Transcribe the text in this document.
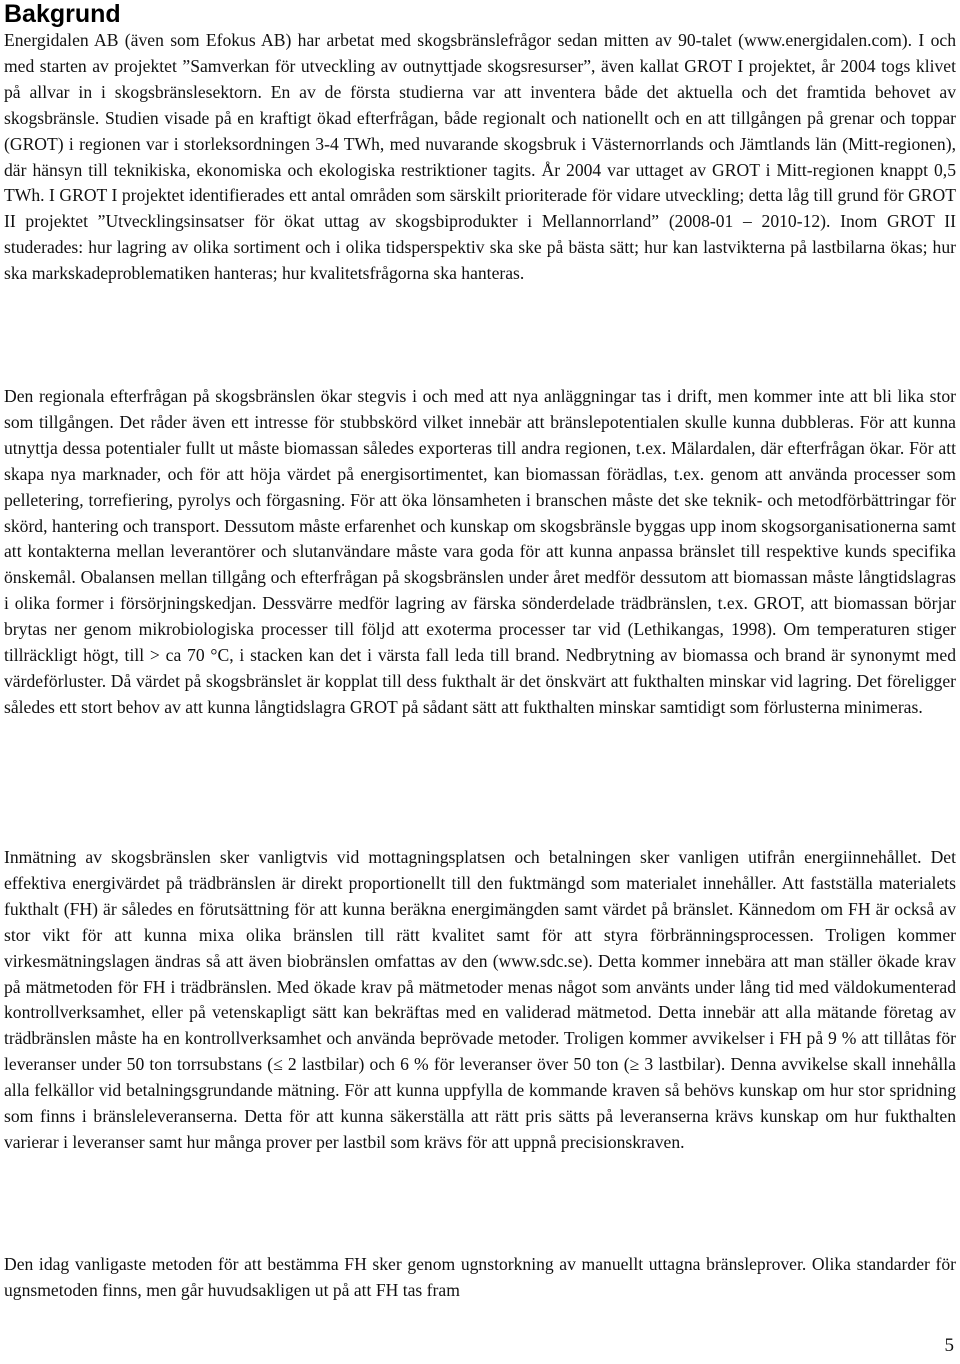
Bakgrund

Energidalen AB (även som Efokus AB) har arbetat med skogsbränslefrågor sedan mitten av 90-talet (www.energidalen.com). I och med starten av projektet ”Samverkan för utveckling av outnyttjade skogsresurser”, även kallat GROT I projektet, år 2004 togs klivet på allvar in i skogsbränslesektorn. En av de första studierna var att inventera både det aktuella och det framtida behovet av skogsbränsle. Studien visade på en kraftigt ökad efterfrågan, både regionalt och nationellt och en att tillgången på grenar och toppar (GROT) i regionen var i storleksordningen 3-4 TWh, med nuvarande skogsbruk i Västernorrlands och Jämtlands län (Mitt-regionen), där hänsyn till teknikiska, ekonomiska och ekologiska restriktioner tagits. År 2004 var uttaget av GROT i Mitt-regionen knappt 0,5 TWh. I GROT I projektet identifierades ett antal områden som särskilt prioriterade för vidare utveckling; detta låg till grund för GROT II projektet ”Utvecklingsinsatser för ökat uttag av skogsbiprodukter i Mellannorrland” (2008-01 – 2010-12). Inom GROT II studerades: hur lagring av olika sortiment och i olika tidsperspektiv ska ske på bästa sätt; hur kan lastvikterna på lastbilarna ökas; hur ska markskadeproblematiken hanteras; hur kvalitetsfrågorna ska hanteras.

Den regionala efterfrågan på skogsbränslen ökar stegvis i och med att nya anläggningar tas i drift, men kommer inte att bli lika stor som tillgången. Det råder även ett intresse för stubbskörd vilket innebär att bränslepotentialen skulle kunna dubbleras. För att kunna utnyttja dessa potentialer fullt ut måste biomassan således exporteras till andra regionen, t.ex. Mälardalen, där efterfrågan ökar. För att skapa nya marknader, och för att höja värdet på energisortimentet, kan biomassan förädlas, t.ex. genom att använda processer som pelletering, torrefiering, pyrolys och förgasning. För att öka lönsamheten i branschen måste det ske teknik- och metodförbättringar för skörd, hantering och transport. Dessutom måste erfarenhet och kunskap om skogsbränsle byggas upp inom skogsorganisationerna samt att kontakterna mellan leverantörer och slutanvändare måste vara goda för att kunna anpassa bränslet till respektive kunds specifika önskemål. Obalansen mellan tillgång och efterfrågan på skogsbränslen under året medför dessutom att biomassan måste långtidslagras i olika former i försörjningskedjan. Dessvärre medför lagring av färska sönderdelade trädbränslen, t.ex. GROT, att biomassan börjar brytas ner genom mikrobiologiska processer till följd att exoterma processer tar vid (Lethikangas, 1998). Om temperaturen stiger tillräckligt högt, till > ca 70 °C, i stacken kan det i värsta fall leda till brand. Nedbrytning av biomassa och brand är synonymt med värdeförluster. Då värdet på skogsbränslet är kopplat till dess fukthalt är det önskvärt att fukthalten minskar vid lagring. Det föreligger således ett stort behov av att kunna långtidslagra GROT på sådant sätt att fukthalten minskar samtidigt som förlusterna minimeras.

Inmätning av skogsbränslen sker vanligtvis vid mottagningsplatsen och betalningen sker vanligen utifrån energiinnehållet. Det effektiva energivärdet på trädbränslen är direkt proportionellt till den fuktmängd som materialet innehåller. Att fastställa materialets fukthalt (FH) är således en förutsättning för att kunna beräkna energimängden samt värdet på bränslet. Kännedom om FH är också av stor vikt för att kunna mixa olika bränslen till rätt kvalitet samt för att styra förbränningsprocessen. Troligen kommer virkesmätningslagen ändras så att även biobränslen omfattas av den (www.sdc.se). Detta kommer innebära att man ställer ökade krav på mätmetoden för FH i trädbränslen. Med ökade krav på mätmetoder menas något som använts under lång tid med väldokumenterad kontrollverksamhet, eller på vetenskapligt sätt kan bekräftas med en validerad mätmetod. Detta innebär att alla mätande företag av trädbränslen måste ha en kontrollverksamhet och använda beprövade metoder. Troligen kommer avvikelser i FH på 9 % att tillåtas för leveranser under 50 ton torrsubstans (≤ 2 lastbilar) och 6 % för leveranser över 50 ton (≥ 3 lastbilar). Denna avvikelse skall innehålla alla felkällor vid betalningsgrundande mätning. För att kunna uppfylla de kommande kraven så behövs kunskap om hur stor spridning som finns i bränsleleveranserna. Detta för att kunna säkerställa att rätt pris sätts på leveranserna krävs kunskap om hur fukthalten varierar i leveranser samt hur många prover per lastbil som krävs för att uppnå precisionskraven.

Den idag vanligaste metoden för att bestämma FH sker genom ugnstorkning av manuellt uttagna bränsleprover. Olika standarder för ugnsmetoden finns, men går huvudsakligen ut på att FH tas fram

5
